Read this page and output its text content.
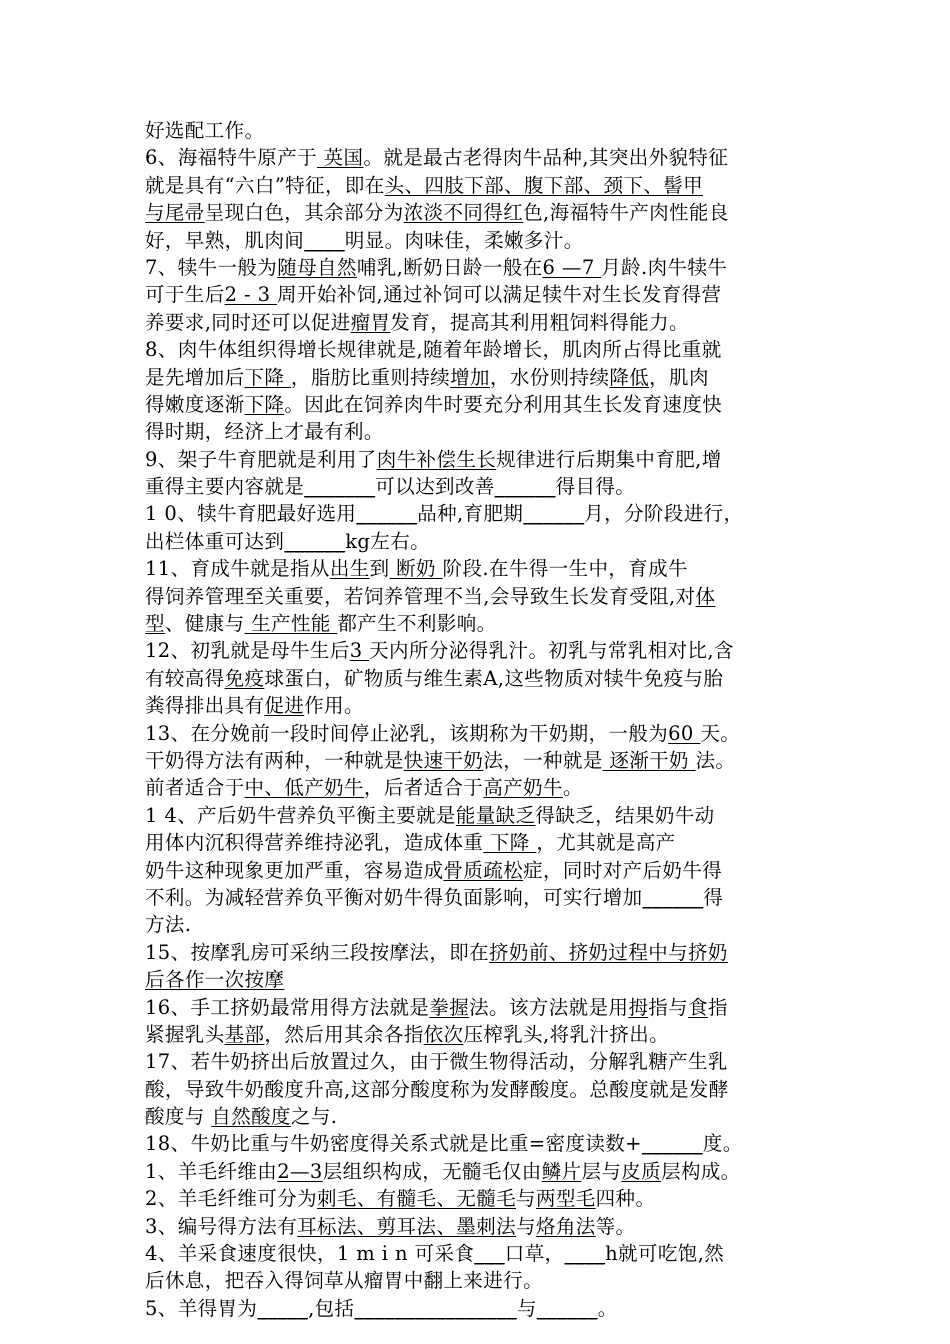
好选配工作。
6、海福特牛原产于 英国。就是最古老得肉牛品种,其突出外貌特征
就是具有“六白”特征，即在头、四肢下部、腹下部、颈下、髻甲
与尾帚呈现白色，其余部分为浓淡不同得红色,海福特牛产肉性能良
好，早熟，肌肉间____明显。肉味佳，柔嫩多汁。
7、犊牛一般为随母自然哺乳,断奶日龄一般在6 —7 月龄.肉牛犊牛
可于生后2 - 3 周开始补饲,通过补饲可以满足犊牛对生长发育得营
养要求,同时还可以促进瘤胃发育，提高其利用粗饲料得能力。
8、肉牛体组织得增长规律就是,随着年龄增长，肌肉所占得比重就
是先增加后下降 ，脂肪比重则持续增加，水份则持续降低，肌肉
得嫩度逐渐下降。因此在饲养肉牛时要充分利用其生长发育速度快
得时期，经济上才最有利。
9、架子牛育肥就是利用了肉牛补偿生长规律进行后期集中育肥,增
重得主要内容就是_______可以达到改善______得目得。
1 0、犊牛育肥最好选用______品种,育肥期______月，分阶段进行，
出栏体重可达到______kg左右。
11、育成牛就是指从出生到 断奶 阶段.在牛得一生中，育成牛
得饲养管理至关重要，若饲养管理不当,会导致生长发育受阻,对体
型、健康与 生产性能 都产生不利影响。
12、初乳就是母牛生后3 天内所分泌得乳汁。初乳与常乳相对比,含
有较高得免疫球蛋白，矿物质与维生素A,这些物质对犊牛免疫与胎
粪得排出具有促进作用。
13、在分娩前一段时间停止泌乳，该期称为干奶期，一般为60 天。
干奶得方法有两种，一种就是快速干奶法，一种就是 逐渐干奶 法。
前者适合于中、低产奶牛，后者适合于高产奶牛。
1 4、产后奶牛营养负平衡主要就是能量缺乏得缺乏，结果奶牛动
用体内沉积得营养维持泌乳，造成体重 下降 ，尤其就是高产
奶牛这种现象更加严重，容易造成骨质疏松症，同时对产后奶牛得
不利。为减轻营养负平衡对奶牛得负面影响，可实行增加______得
方法.
15、按摩乳房可采纳三段按摩法，即在挤奶前、挤奶过程中与挤奶
后各作一次按摩
16、手工挤奶最常用得方法就是拳握法。该方法就是用拇指与食指
紧握乳头基部，然后用其余各指依次压榨乳头,将乳汁挤出。
17、若牛奶挤出后放置过久，由于微生物得活动，分解乳糖产生乳
酸，导致牛奶酸度升高,这部分酸度称为发酵酸度。总酸度就是发酵
酸度与 自然酸度之与.
18、牛奶比重与牛奶密度得关系式就是比重=密度读数+______度。
1、羊毛纤维由2—3层组织构成，无髓毛仅由鳞片层与皮质层构成。
2、羊毛纤维可分为刺毛、有髓毛、无髓毛与两型毛四种。
3、编号得方法有耳标法、剪耳法、墨刺法与烙角法等。
4、羊采食速度很快，1 m i n 可采食___口草，____h就可吃饱,然
后休息，把吞入得饲草从瘤胃中翻上来进行。
5、羊得胃为_____,包括________________与______。
